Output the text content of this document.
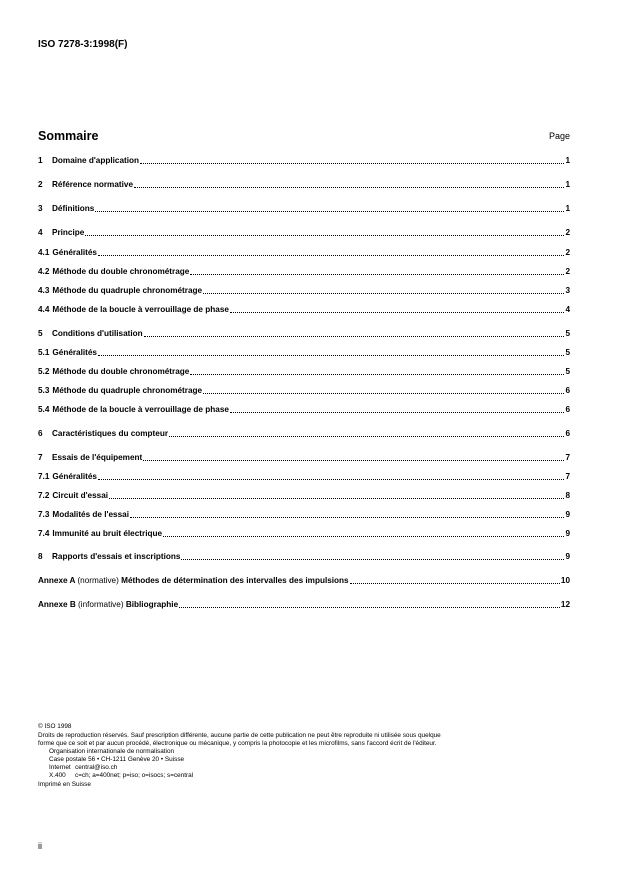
ISO 7278-3:1998(F)
Sommaire	Page
1 Domaine d'application	1
2 Référence normative	1
3 Définitions	1
4 Principe	2
4.1 Généralités	2
4.2 Méthode du double chronométrage	2
4.3 Méthode du quadruple chronométrage	3
4.4 Méthode de la boucle à verrouillage de phase	4
5 Conditions d'utilisation	5
5.1 Généralités	5
5.2 Méthode du double chronométrage	5
5.3 Méthode du quadruple chronométrage	6
5.4 Méthode de la boucle à verrouillage de phase	6
6 Caractéristiques du compteur	6
7 Essais de l'équipement	7
7.1 Généralités	7
7.2 Circuit d'essai	8
7.3 Modalités de l'essai	9
7.4 Immunité au bruit électrique	9
8 Rapports d'essais et inscriptions	9
Annexe A (normative) Méthodes de détermination des intervalles des impulsions	10
Annexe B (informative) Bibliographie	12
© ISO 1998
Droits de reproduction réservés. Sauf prescription différente, aucune partie de cette publication ne peut être reproduite ni utilisée sous quelque
forme que ce soit et par aucun procédé, électronique ou mécanique, y compris la photocopie et les microfilms, sans l'accord écrit de l'éditeur.
Organisation internationale de normalisation
Case postale 56 • CH-1211 Genève 20 • Suisse
Internet central@iso.ch
X.400 c=ch; a=400net; p=iso; o=isocs; s=central
Imprimé en Suisse
ii
